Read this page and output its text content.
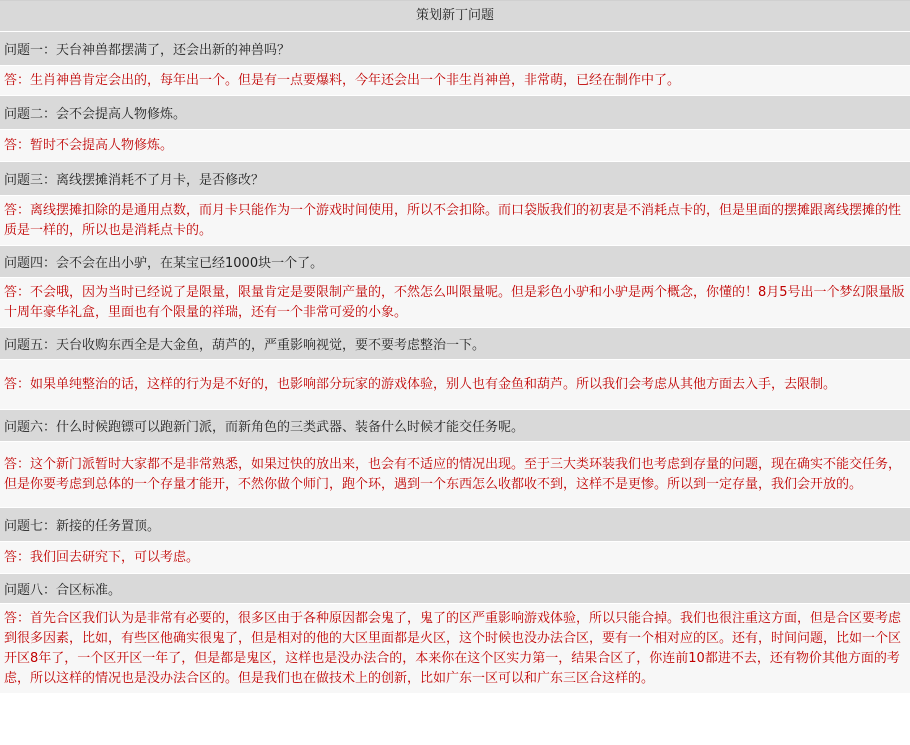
策划新丁问题
问题一：天台神兽都摆满了，还会出新的神兽吗？
答：生肖神兽肯定会出的，每年出一个。但是有一点要爆料，今年还会出一个非生肖神兽，非常萌，已经在制作中了。
问题二：会不会提高人物修炼。
答：暂时不会提高人物修炼。
问题三：离线摆摊消耗不了月卡，是否修改？
答：离线摆摊扣除的是通用点数，而月卡只能作为一个游戏时间使用，所以不会扣除。而口袋版我们的初衷是不消耗点卡的，但是里面的摆摊跟离线摆摊的性质是一样的，所以也是消耗点卡的。
问题四：会不会在出小驴，在某宝已经1000块一个了。
答：不会哦，因为当时已经说了是限量，限量肯定是要限制产量的，不然怎么叫限量呢。但是彩色小驴和小驴是两个概念，你懂的！8月5号出一个梦幻限量版十周年豪华礼盒，里面也有个限量的祥瑞，还有一个非常可爱的小象。
问题五：天台收购东西全是大金鱼，葫芦的，严重影响视觉，要不要考虑整治一下。
答：如果单纯整治的话，这样的行为是不好的，也影响部分玩家的游戏体验，别人也有金鱼和葫芦。所以我们会考虑从其他方面去入手，去限制。
问题六：什么时候跑镖可以跑新门派，而新角色的三类武器、装备什么时候才能交任务呢。
答：这个新门派暂时大家都不是非常熟悉，如果过快的放出来，也会有不适应的情况出现。至于三大类环装我们也考虑到存量的问题，现在确实不能交任务，但是你要考虑到总体的一个存量才能开，不然你做个师门，跑个环，遇到一个东西怎么收都收不到，这样不是更惨。所以到一定存量，我们会开放的。
问题七：新接的任务置顶。
答：我们回去研究下，可以考虑。
问题八：合区标准。
答：首先合区我们认为是非常有必要的，很多区由于各种原因都会鬼了，鬼了的区严重影响游戏体验，所以只能合掉。我们也很注重这方面，但是合区要考虑到很多因素，比如，有些区他确实很鬼了，但是相对的他的大区里面都是火区，这个时候也没办法合区，要有一个相对应的区。还有，时间问题，比如一个区开区8年了，一个区开区一年了，但是都是鬼区，这样也是没办法合的，本来你在这个区实力第一，结果合区了，你连前10都进不去，还有物价其他方面的考虑，所以这样的情况也是没办法合区的。但是我们也在做技术上的创新，比如广东一区可以和广东三区合这样的。
